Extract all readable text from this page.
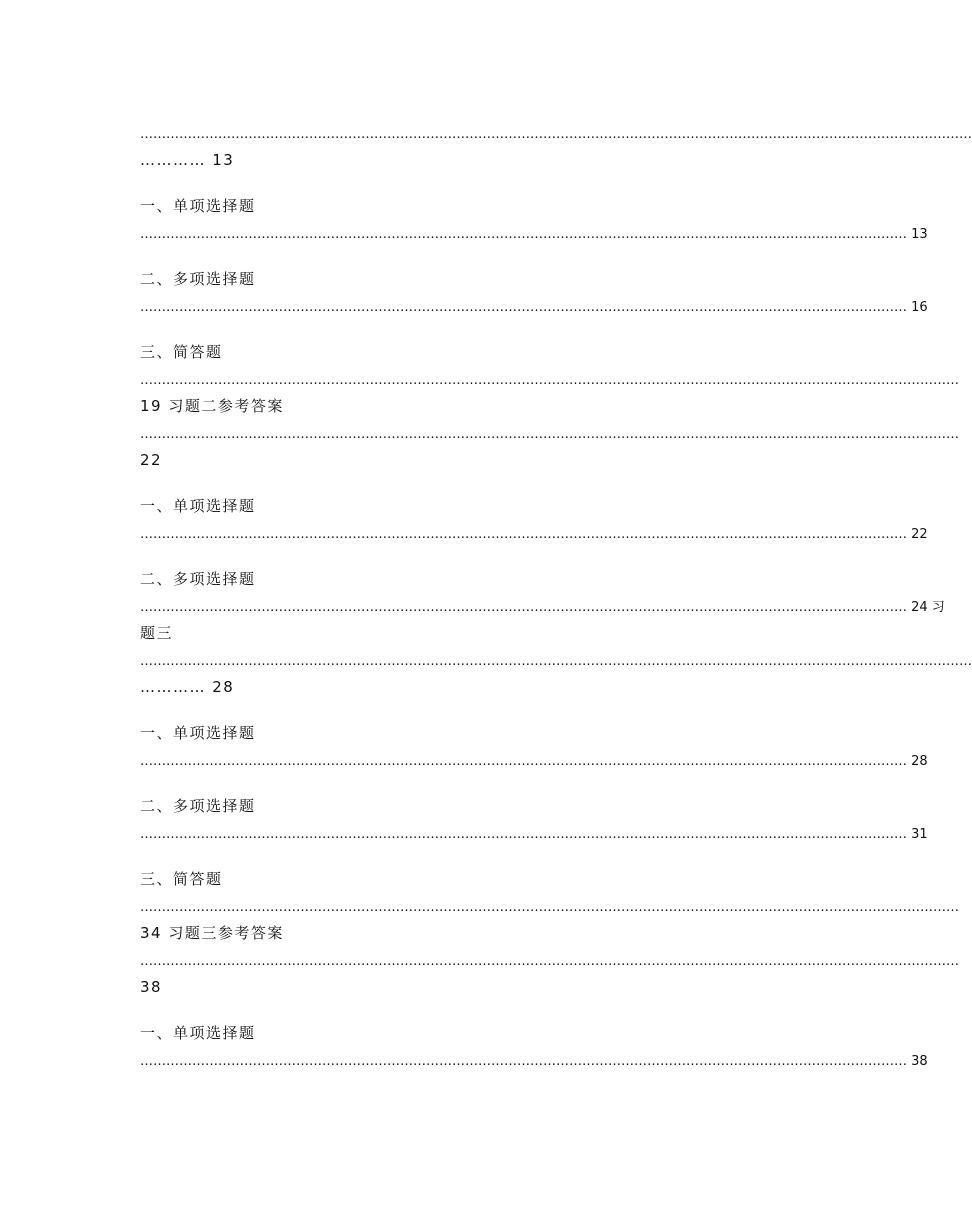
…………………………………………………………………………………………………………………………………………………………………………
………… 13
一、单项选择题
…………………………………………………………………………………………………………………………………………………………… 13
二、多项选择题
…………………………………………………………………………………………………………………………………………………………… 16
三、简答题
………………………………………………………………………………………………………………………………………………………………………
19 习题二参考答案
………………………………………………………………………………………………………………………………………………………………………
22
一、单项选择题
…………………………………………………………………………………………………………………………………………………………… 22
二、多项选择题
…………………………………………………………………………………………………………………………………………………………… 24 习
题三
…………………………………………………………………………………………………………………………………………………………………………
………… 28
一、单项选择题
…………………………………………………………………………………………………………………………………………………………… 28
二、多项选择题
…………………………………………………………………………………………………………………………………………………………… 31
三、简答题
………………………………………………………………………………………………………………………………………………………………………
34 习题三参考答案
………………………………………………………………………………………………………………………………………………………………………
38
一、单项选择题
…………………………………………………………………………………………………………………………………………………………… 38
